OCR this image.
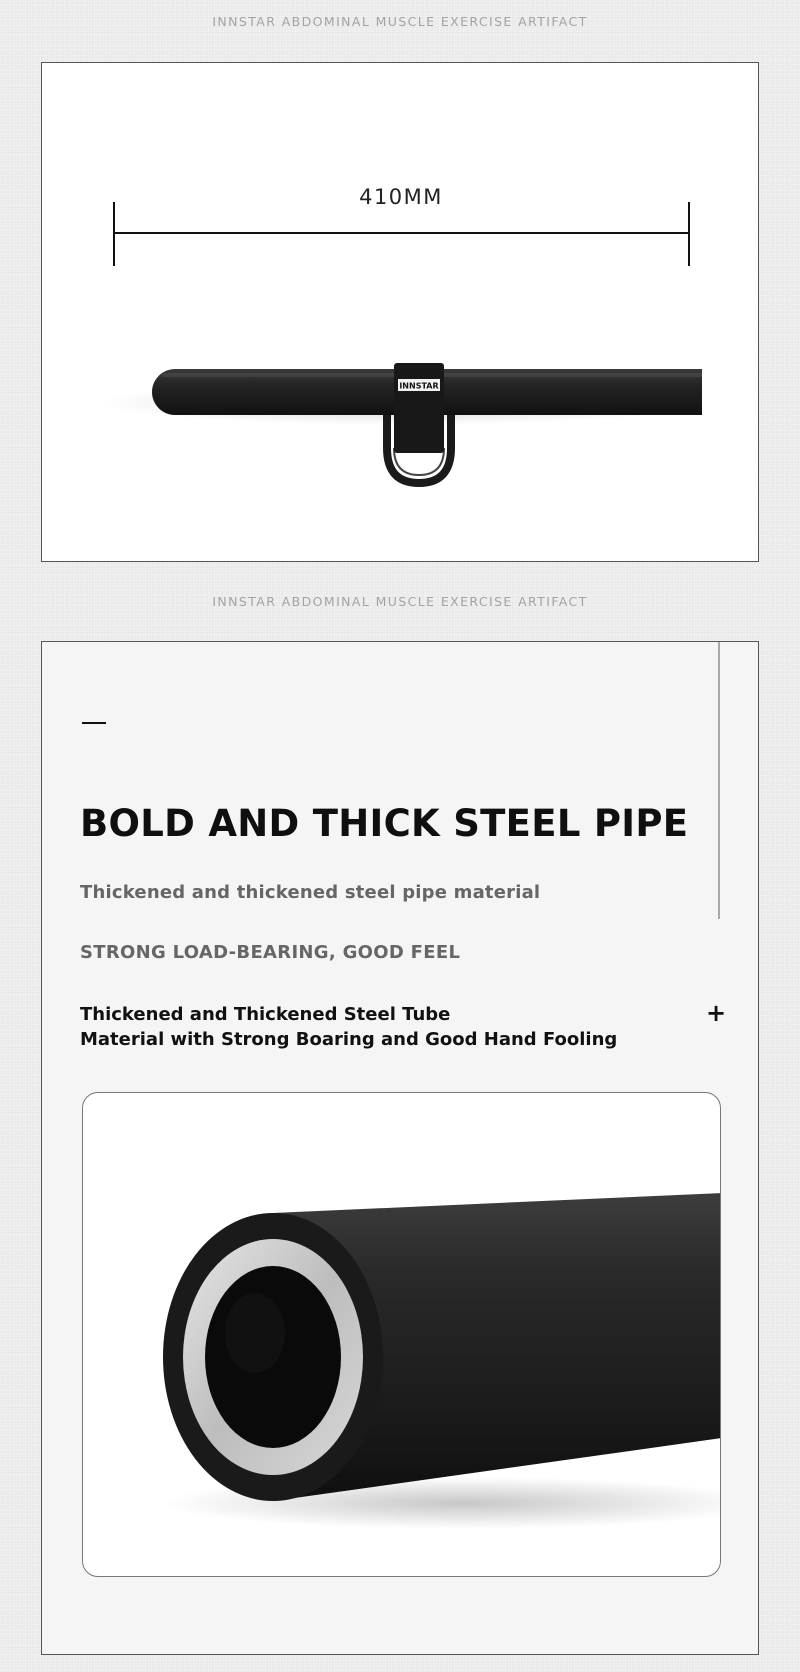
INNSTAR ABDOMINAL MUSCLE EXERCISE ARTIFACT
410MM
INNSTAR
INNSTAR ABDOMINAL MUSCLE EXERCISE ARTIFACT
BOLD AND THICK STEEL PIPE
Thickened and thickened steel pipe material
STRONG LOAD-BEARING, GOOD FEEL
Thickened and Thickened Steel Tube
Material with Strong Boaring and Good Hand Fooling
+
